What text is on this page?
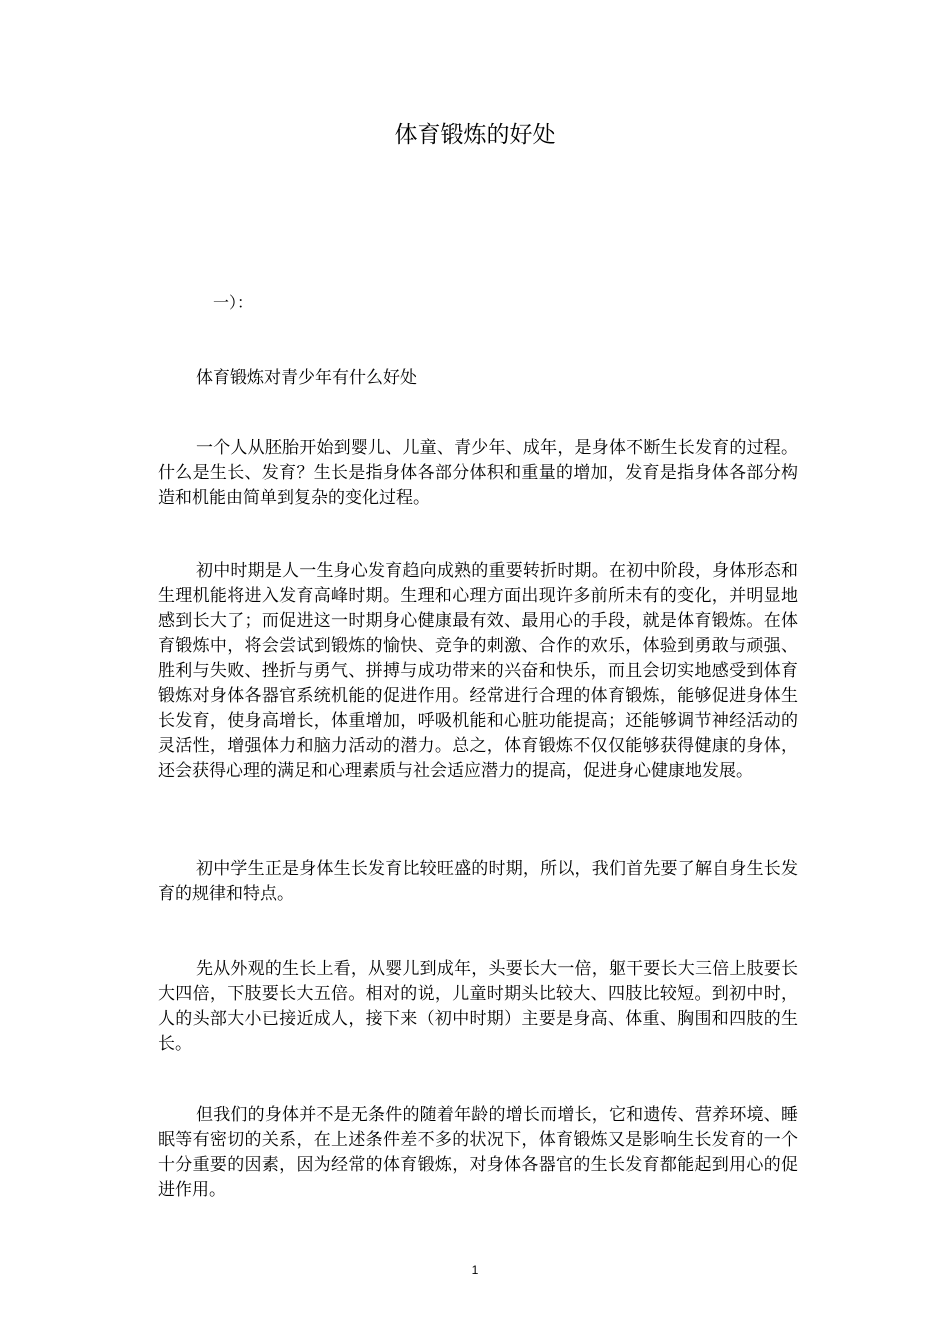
体育锻炼的好处

一）：

体育锻炼对青少年有什么好处

一个人从胚胎开始到婴儿、儿童、青少年、成年，是身体不断生长发育的过程。什么是生长、发育？生长是指身体各部分体积和重量的增加，发育是指身体各部分构造和机能由简单到复杂的变化过程。

初中时期是人一生身心发育趋向成熟的重要转折时期。在初中阶段，身体形态和生理机能将进入发育高峰时期。生理和心理方面出现许多前所未有的变化，并明显地感到长大了；而促进这一时期身心健康最有效、最用心的手段，就是体育锻炼。在体育锻炼中，将会尝试到锻炼的愉快、竞争的刺激、合作的欢乐，体验到勇敢与顽强、胜利与失败、挫折与勇气、拼搏与成功带来的兴奋和快乐，而且会切实地感受到体育锻炼对身体各器官系统机能的促进作用。经常进行合理的体育锻炼，能够促进身体生长发育，使身高增长，体重增加，呼吸机能和心脏功能提高；还能够调节神经活动的灵活性，增强体力和脑力活动的潜力。总之，体育锻炼不仅仅能够获得健康的身体，还会获得心理的满足和心理素质与社会适应潜力的提高，促进身心健康地发展。

初中学生正是身体生长发育比较旺盛的时期，所以，我们首先要了解自身生长发育的规律和特点。

先从外观的生长上看，从婴儿到成年，头要长大一倍，躯干要长大三倍上肢要长大四倍，下肢要长大五倍。相对的说，儿童时期头比较大、四肢比较短。到初中时，人的头部大小已接近成人，接下来（初中时期）主要是身高、体重、胸围和四肢的生长。

但我们的身体并不是无条件的随着年龄的增长而增长，它和遗传、营养环境、睡眠等有密切的关系，在上述条件差不多的状况下，体育锻炼又是影响生长发育的一个十分重要的因素，因为经常的体育锻炼，对身体各器官的生长发育都能起到用心的促进作用。

1
